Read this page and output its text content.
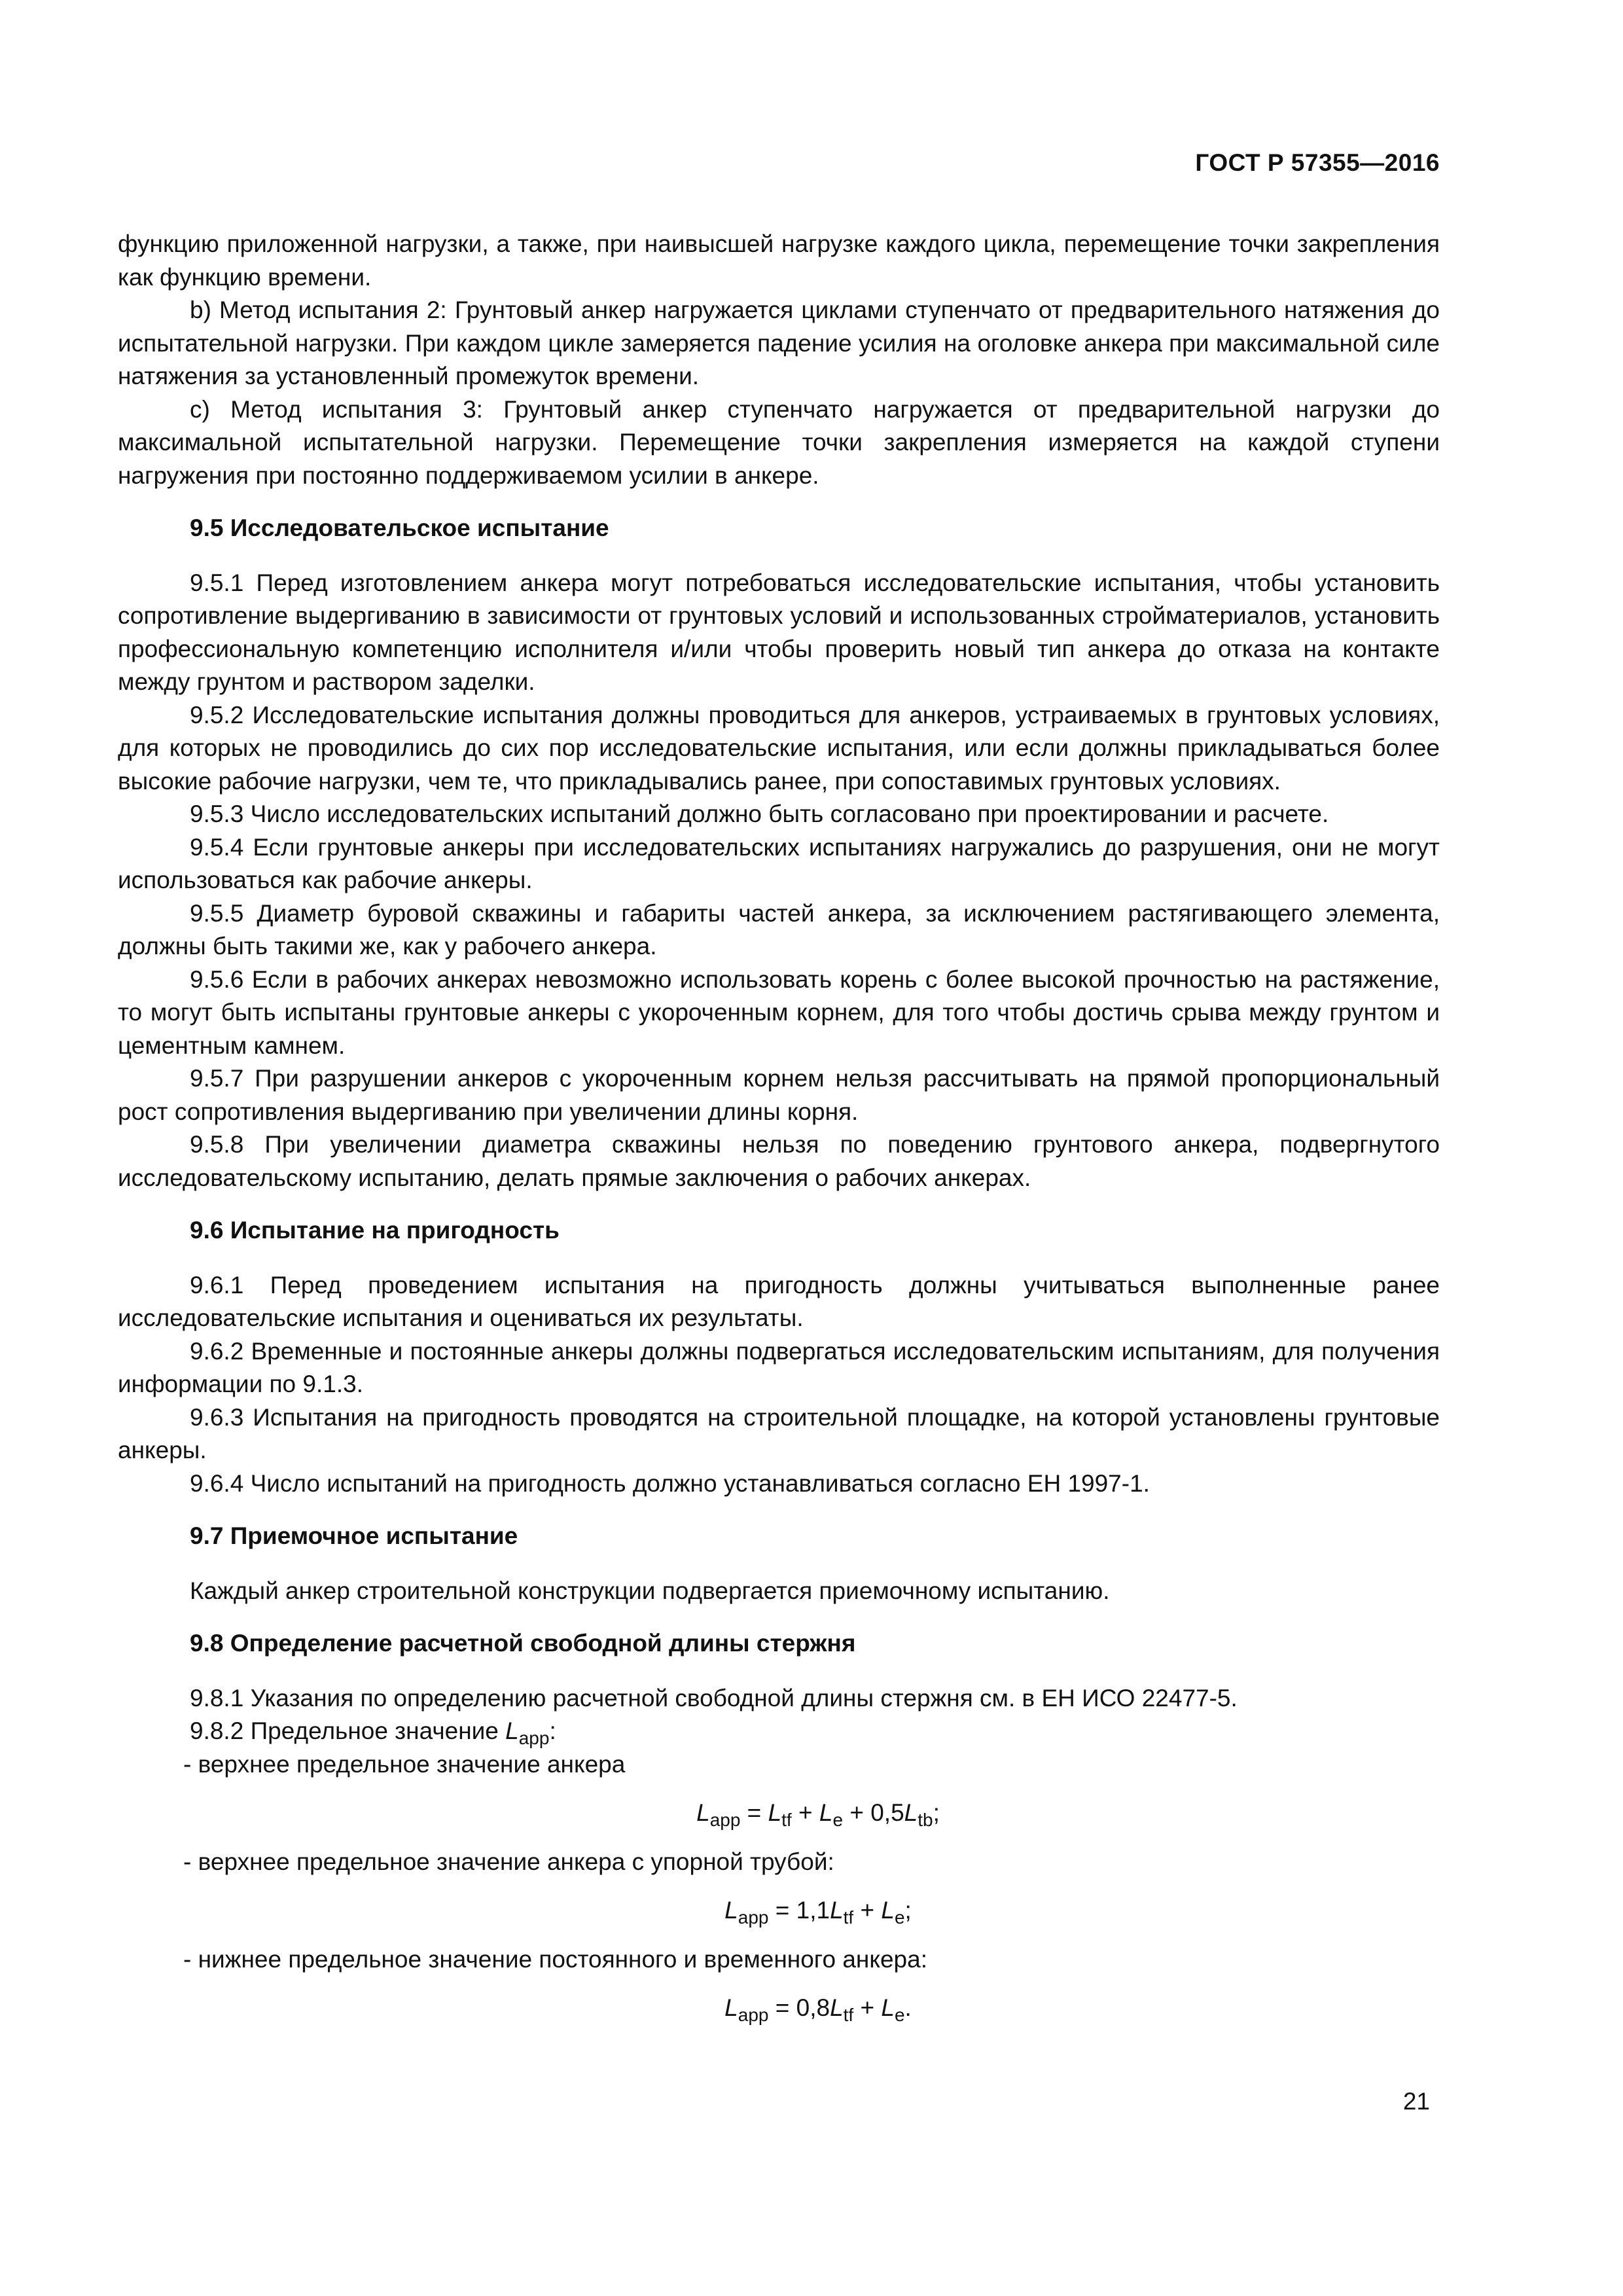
ГОСТ Р 57355—2016

функцию приложенной нагрузки, а также, при наивысшей нагрузке каждого цикла, перемещение точки закрепления как функцию времени.

b) Метод испытания 2: Грунтовый анкер нагружается циклами ступенчато от предварительного натяжения до испытательной нагрузки. При каждом цикле замеряется падение усилия на оголовке анкера при максимальной силе натяжения за установленный промежуток времени.

c) Метод испытания 3: Грунтовый анкер ступенчато нагружается от предварительной нагрузки до максимальной испытательной нагрузки. Перемещение точки закрепления измеряется на каждой ступени нагружения при постоянно поддерживаемом усилии в анкере.

9.5 Исследовательское испытание

9.5.1 Перед изготовлением анкера могут потребоваться исследовательские испытания, чтобы установить сопротивление выдергиванию в зависимости от грунтовых условий и использованных стройматериалов, установить профессиональную компетенцию исполнителя и/или чтобы проверить новый тип анкера до отказа на контакте между грунтом и раствором заделки.

9.5.2 Исследовательские испытания должны проводиться для анкеров, устраиваемых в грунтовых условиях, для которых не проводились до сих пор исследовательские испытания, или если должны прикладываться более высокие рабочие нагрузки, чем те, что прикладывались ранее, при сопоставимых грунтовых условиях.

9.5.3 Число исследовательских испытаний должно быть согласовано при проектировании и расчете.

9.5.4 Если грунтовые анкеры при исследовательских испытаниях нагружались до разрушения, они не могут использоваться как рабочие анкеры.

9.5.5 Диаметр буровой скважины и габариты частей анкера, за исключением растягивающего элемента, должны быть такими же, как у рабочего анкера.

9.5.6 Если в рабочих анкерах невозможно использовать корень с более высокой прочностью на растяжение, то могут быть испытаны грунтовые анкеры с укороченным корнем, для того чтобы достичь срыва между грунтом и цементным камнем.

9.5.7 При разрушении анкеров с укороченным корнем нельзя рассчитывать на прямой пропорциональный рост сопротивления выдергиванию при увеличении длины корня.

9.5.8 При увеличении диаметра скважины нельзя по поведению грунтового анкера, подвергнутого исследовательскому испытанию, делать прямые заключения о рабочих анкерах.

9.6 Испытание на пригодность

9.6.1 Перед проведением испытания на пригодность должны учитываться выполненные ранее исследовательские испытания и оцениваться их результаты.

9.6.2 Временные и постоянные анкеры должны подвергаться исследовательским испытаниям, для получения информации по 9.1.3.

9.6.3 Испытания на пригодность проводятся на строительной площадке, на которой установлены грунтовые анкеры.

9.6.4 Число испытаний на пригодность должно устанавливаться согласно ЕН 1997-1.

9.7 Приемочное испытание

Каждый анкер строительной конструкции подвергается приемочному испытанию.

9.8 Определение расчетной свободной длины стержня

9.8.1 Указания по определению расчетной свободной длины стержня см. в ЕН ИСО 22477-5.

9.8.2 Предельное значение $L_{app}$:

- верхнее предельное значение анкера

$L_{app} = L_{tf} + L_e + 0,5L_{tb}$;

- верхнее предельное значение анкера с упорной трубой:

$L_{app} = 1,1L_{tf} + L_e$;

- нижнее предельное значение постоянного и временного анкера:

$L_{app} = 0,8L_{tf} + L_e$.
21
